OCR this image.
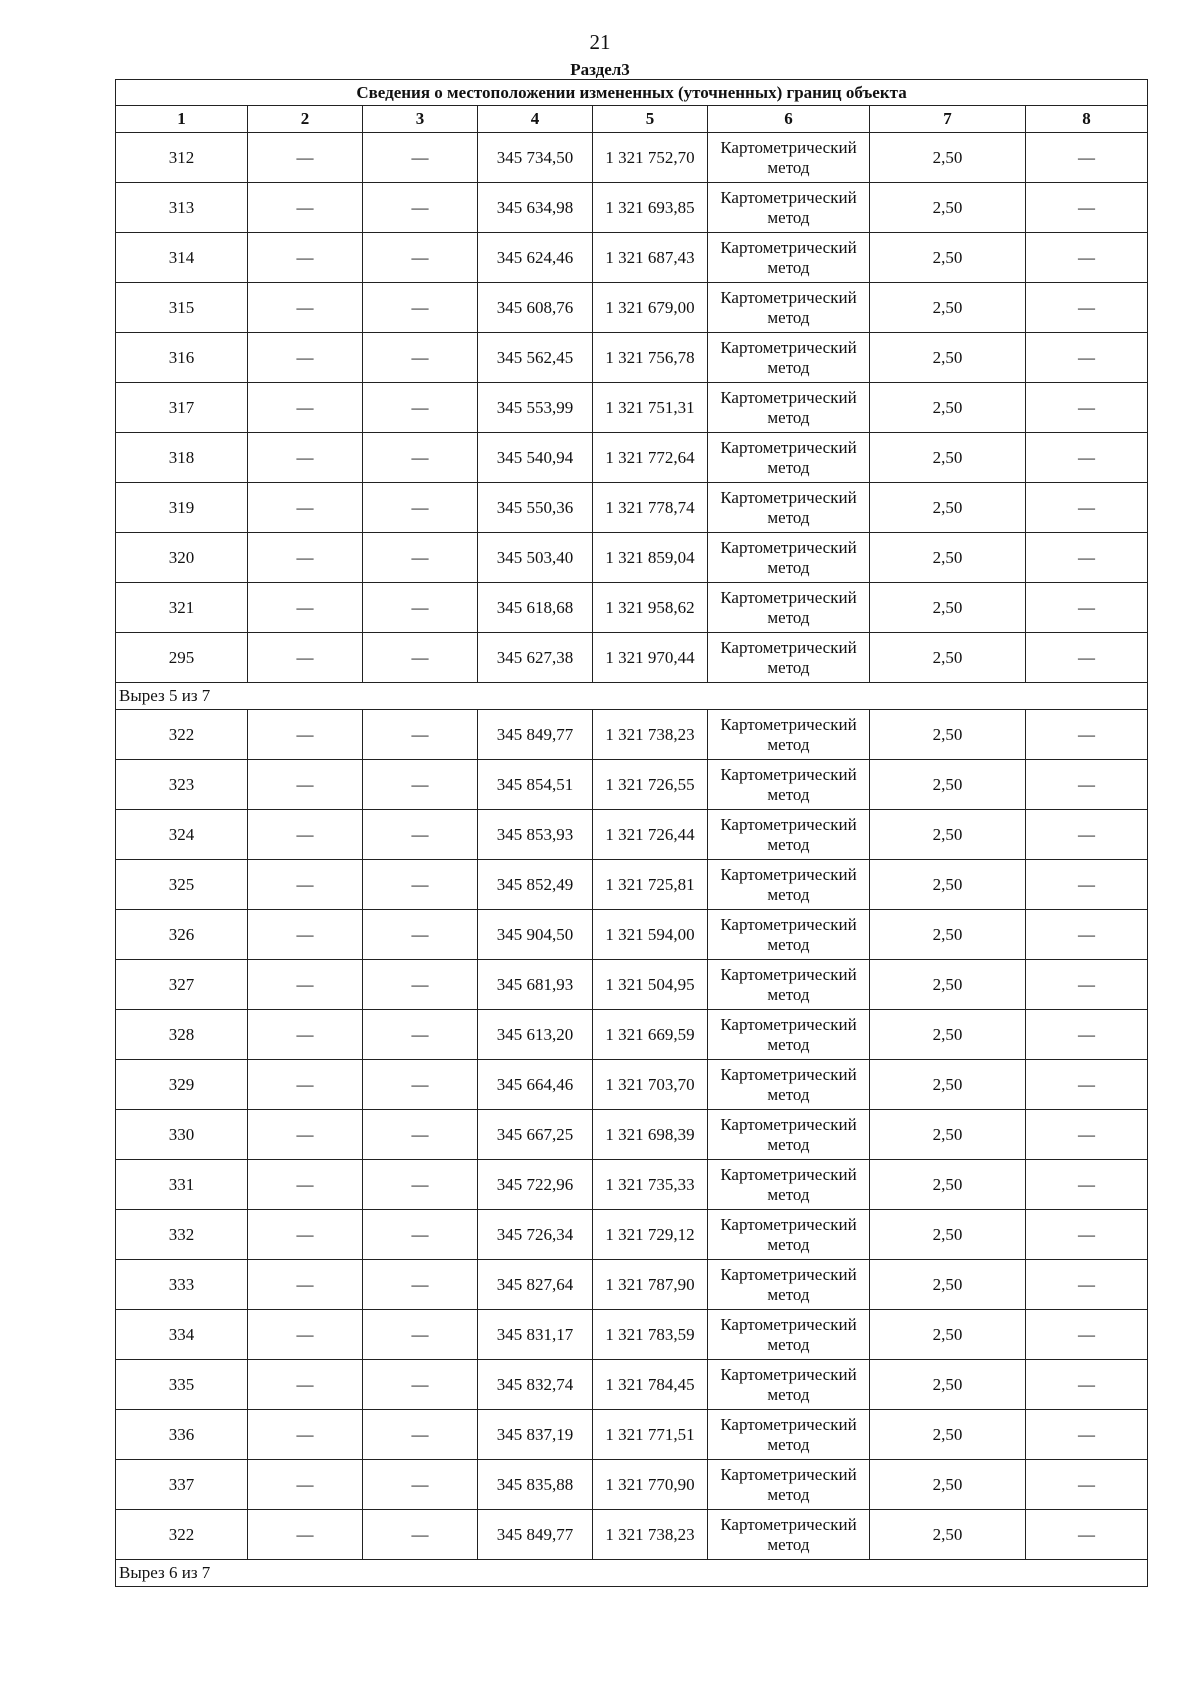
21
Раздел3
Сведения о местоположении измененных (уточненных) границ объекта							
1	2	3	4	5	6	7	8
312	—	—	345 734,50	1 321 752,70	Картометрический метод	2,50	—
313	—	—	345 634,98	1 321 693,85	Картометрический метод	2,50	—
314	—	—	345 624,46	1 321 687,43	Картометрический метод	2,50	—
315	—	—	345 608,76	1 321 679,00	Картометрический метод	2,50	—
316	—	—	345 562,45	1 321 756,78	Картометрический метод	2,50	—
317	—	—	345 553,99	1 321 751,31	Картометрический метод	2,50	—
318	—	—	345 540,94	1 321 772,64	Картометрический метод	2,50	—
319	—	—	345 550,36	1 321 778,74	Картометрический метод	2,50	—
320	—	—	345 503,40	1 321 859,04	Картометрический метод	2,50	—
321	—	—	345 618,68	1 321 958,62	Картометрический метод	2,50	—
295	—	—	345 627,38	1 321 970,44	Картометрический метод	2,50	—
Вырез 5 из 7							
322	—	—	345 849,77	1 321 738,23	Картометрический метод	2,50	—
323	—	—	345 854,51	1 321 726,55	Картометрический метод	2,50	—
324	—	—	345 853,93	1 321 726,44	Картометрический метод	2,50	—
325	—	—	345 852,49	1 321 725,81	Картометрический метод	2,50	—
326	—	—	345 904,50	1 321 594,00	Картометрический метод	2,50	—
327	—	—	345 681,93	1 321 504,95	Картометрический метод	2,50	—
328	—	—	345 613,20	1 321 669,59	Картометрический метод	2,50	—
329	—	—	345 664,46	1 321 703,70	Картометрический метод	2,50	—
330	—	—	345 667,25	1 321 698,39	Картометрический метод	2,50	—
331	—	—	345 722,96	1 321 735,33	Картометрический метод	2,50	—
332	—	—	345 726,34	1 321 729,12	Картометрический метод	2,50	—
333	—	—	345 827,64	1 321 787,90	Картометрический метод	2,50	—
334	—	—	345 831,17	1 321 783,59	Картометрический метод	2,50	—
335	—	—	345 832,74	1 321 784,45	Картометрический метод	2,50	—
336	—	—	345 837,19	1 321 771,51	Картометрический метод	2,50	—
337	—	—	345 835,88	1 321 770,90	Картометрический метод	2,50	—
322	—	—	345 849,77	1 321 738,23	Картометрический метод	2,50	—
Вырез 6 из 7							
